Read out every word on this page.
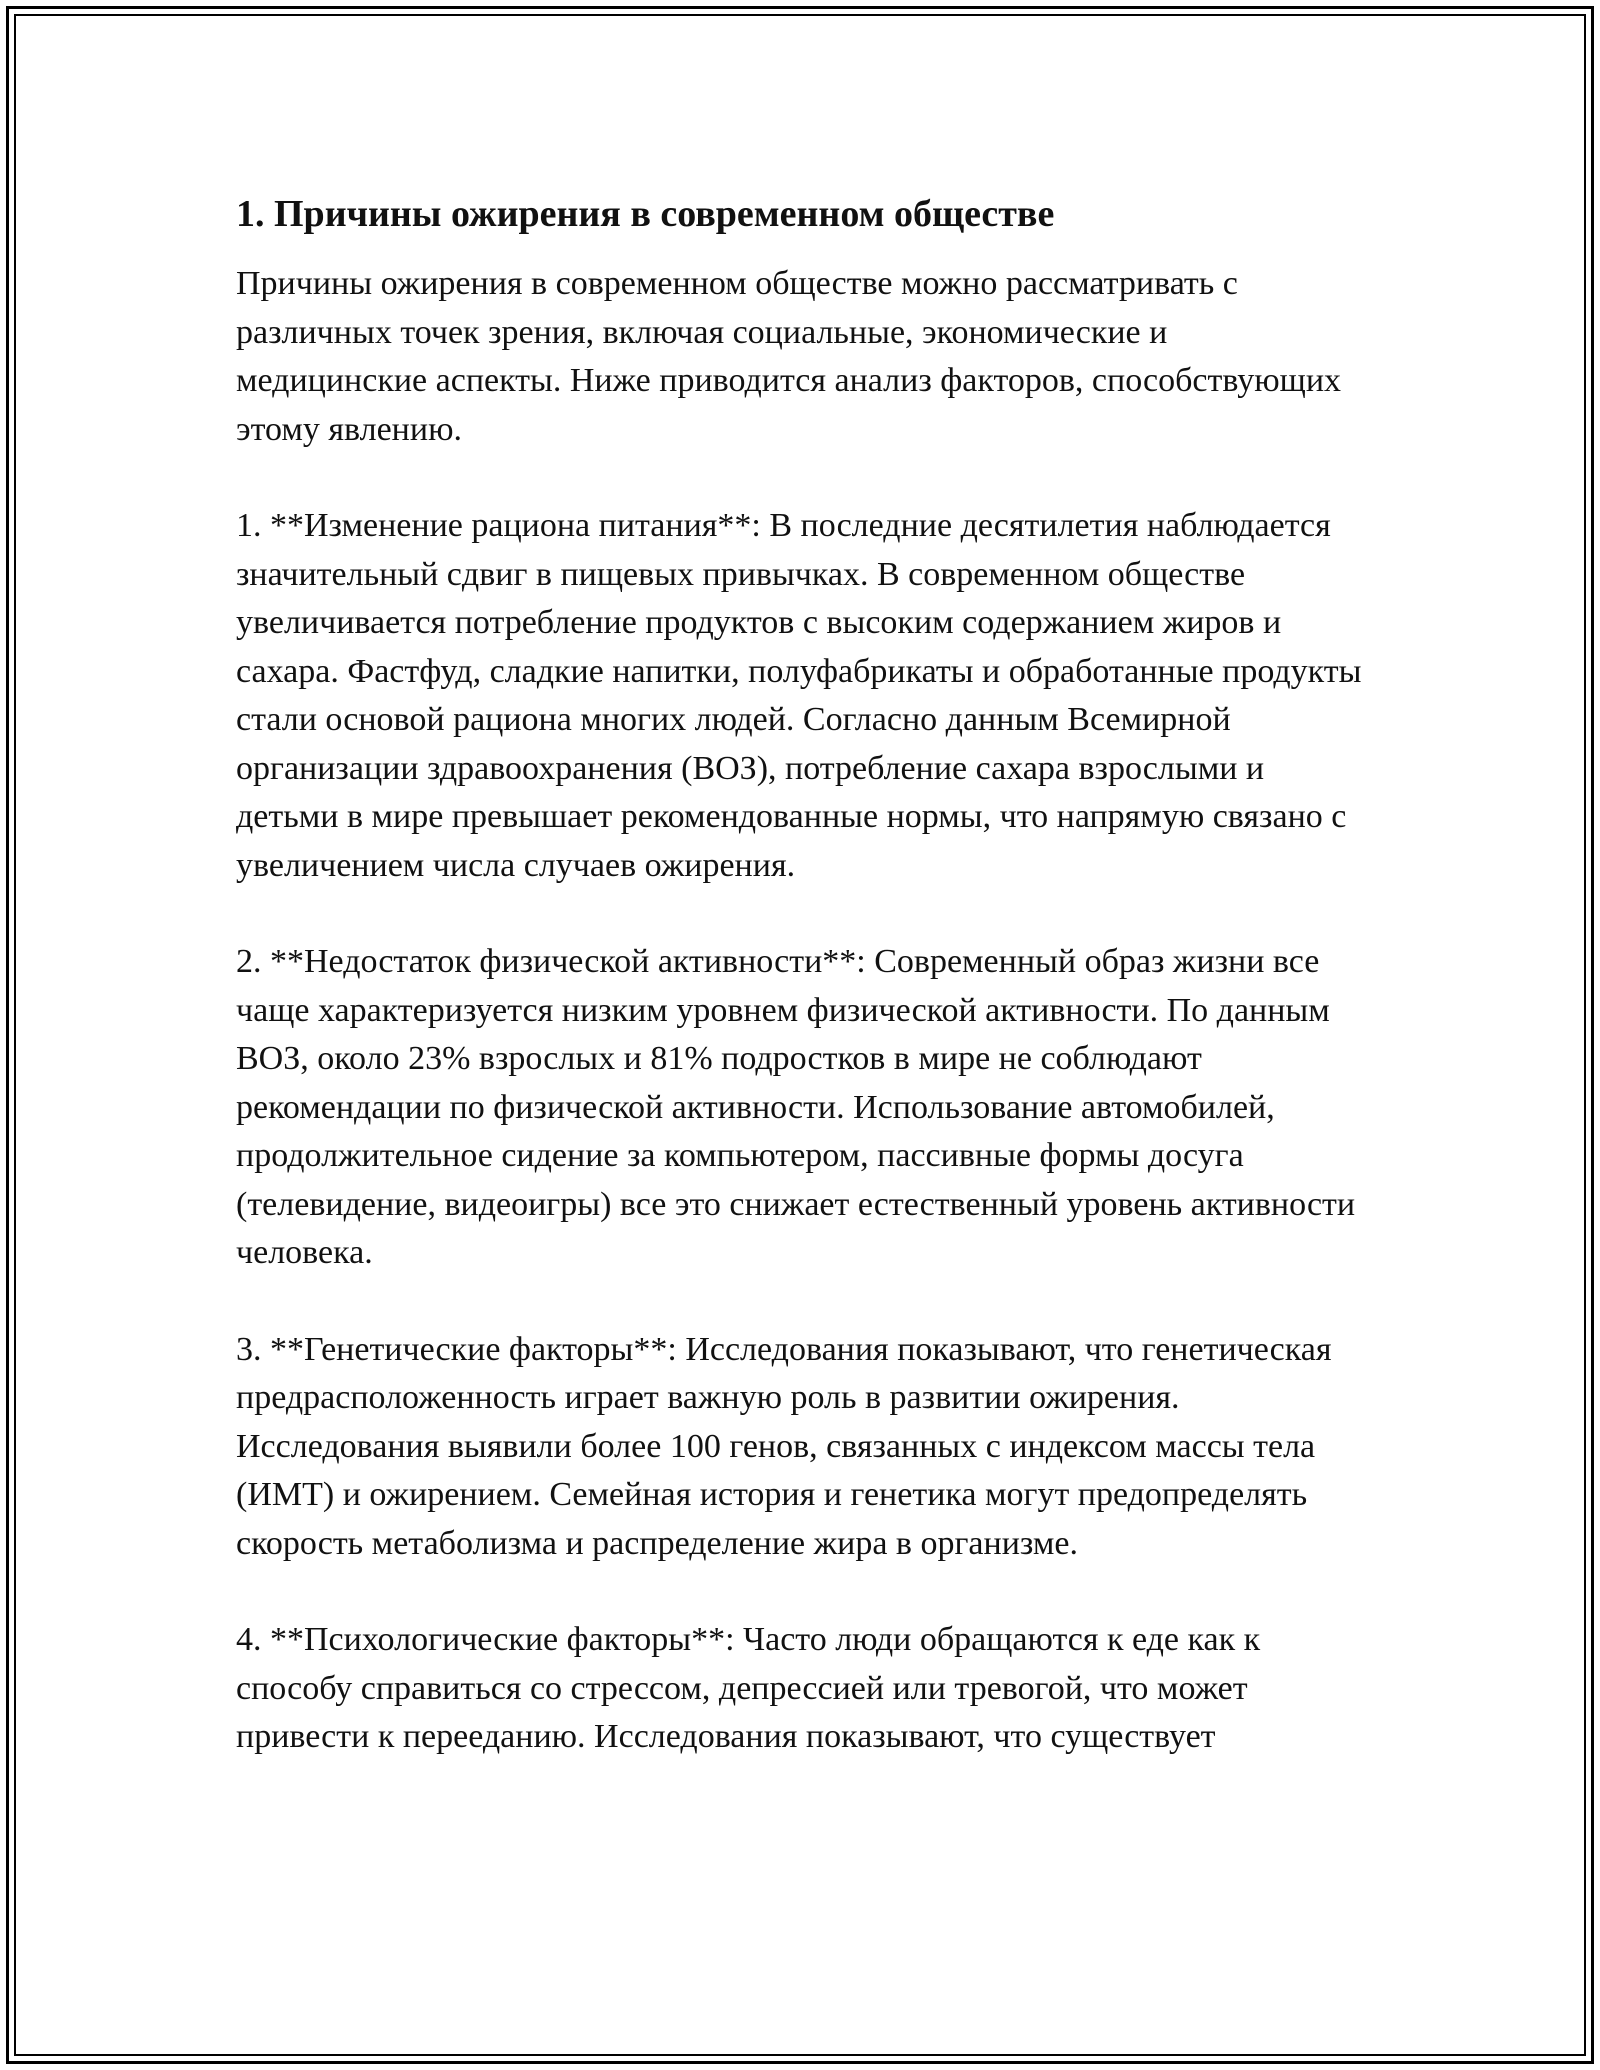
1. Причины ожирения в современном обществе

Причины ожирения в современном обществе можно рассматривать с различных точек зрения, включая социальные, экономические и медицинские аспекты. Ниже приводится анализ факторов, способствующих этому явлению.

1. **Изменение рациона питания**: В последние десятилетия наблюдается значительный сдвиг в пищевых привычках. В современном обществе увеличивается потребление продуктов с высоким содержанием жиров и сахара. Фастфуд, сладкие напитки, полуфабрикаты и обработанные продукты стали основой рациона многих людей. Согласно данным Всемирной организации здравоохранения (ВОЗ), потребление сахара взрослыми и детьми в мире превышает рекомендованные нормы, что напрямую связано с увеличением числа случаев ожирения.

2. **Недостаток физической активности**: Современный образ жизни все чаще характеризуется низким уровнем физической активности. По данным ВОЗ, около 23% взрослых и 81% подростков в мире не соблюдают рекомендации по физической активности. Использование автомобилей, продолжительное сидение за компьютером, пассивные формы досуга (телевидение, видеоигры) все это снижает естественный уровень активности человека.

3. **Генетические факторы**: Исследования показывают, что генетическая предрасположенность играет важную роль в развитии ожирения. Исследования выявили более 100 генов, связанных с индексом массы тела (ИМТ) и ожирением. Семейная история и генетика могут предопределять скорость метаболизма и распределение жира в организме.

4. **Психологические факторы**: Часто люди обращаются к еде как к способу справиться со стрессом, депрессией или тревогой, что может привести к перееданию. Исследования показывают, что существует
